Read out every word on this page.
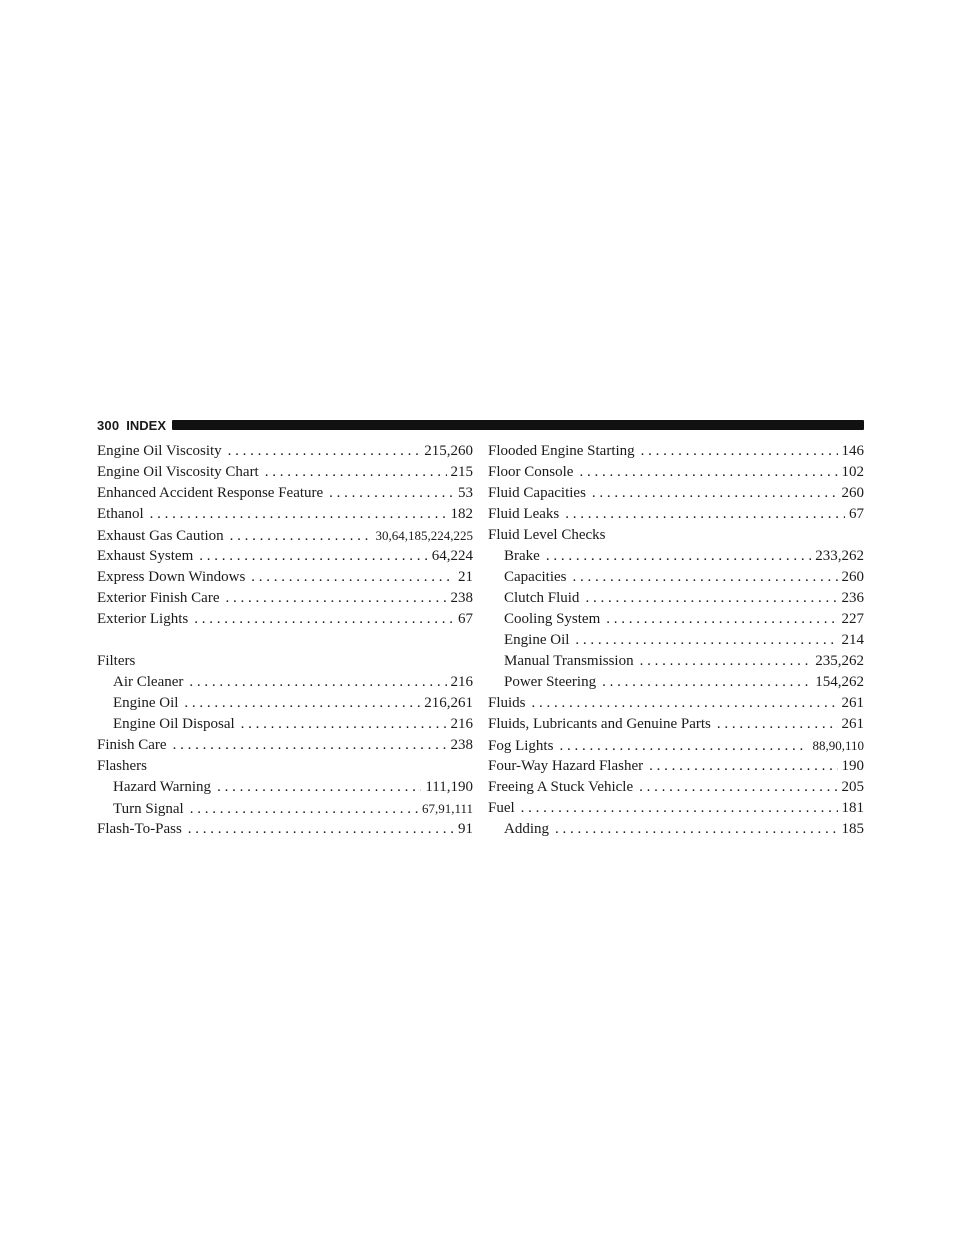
300 INDEX
Engine Oil Viscosity . . .	215,260
Engine Oil Viscosity Chart . . .	215
Enhanced Accident Response Feature . . .	53
Ethanol . . .	182
Exhaust Gas Caution . . .	30,64,185,224,225
Exhaust System . . .	64,224
Express Down Windows . . .	21
Exterior Finish Care . . .	238
Exterior Lights . . .	67
Filters
Air Cleaner . . .	216
Engine Oil . . .	216,261
Engine Oil Disposal . . .	216
Finish Care . . .	238
Flashers
Hazard Warning . . .	111,190
Turn Signal . . .	67,91,111
Flash-To-Pass . . .	91
Flooded Engine Starting . . .	146
Floor Console . . .	102
Fluid Capacities . . .	260
Fluid Leaks . . .	67
Fluid Level Checks
Brake . . .	233,262
Capacities . . .	260
Clutch Fluid . . .	236
Cooling System . . .	227
Engine Oil . . .	214
Manual Transmission . . .	235,262
Power Steering . . .	154,262
Fluids . . .	261
Fluids, Lubricants and Genuine Parts . . .	261
Fog Lights . . .	88,90,110
Four-Way Hazard Flasher . . .	190
Freeing A Stuck Vehicle . . .	205
Fuel . . .	181
Adding . . .	185
